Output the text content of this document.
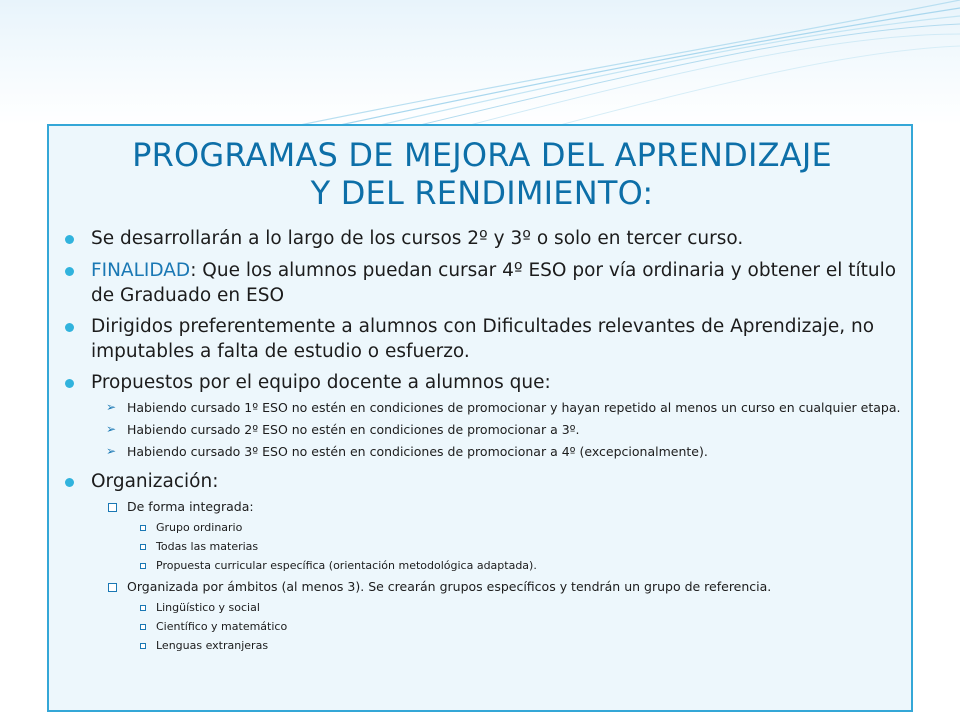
PROGRAMAS DE MEJORA DEL APRENDIZAJE
Y DEL RENDIMIENTO:
Se desarrollarán a lo largo de los cursos 2º y 3º o solo en tercer curso.
FINALIDAD: Que los alumnos puedan cursar 4º ESO por vía ordinaria y obtener el título de Graduado en ESO
Dirigidos preferentemente a alumnos con Dificultades relevantes de Aprendizaje, no imputables a falta de estudio o esfuerzo.
Propuestos por el equipo docente a alumnos que:
➢ Habiendo cursado 1º ESO no estén en condiciones de promocionar y hayan repetido al menos un curso en cualquier etapa.
➢ Habiendo cursado 2º ESO no estén en condiciones de promocionar a 3º.
➢ Habiendo cursado 3º ESO no estén en condiciones de promocionar a 4º (excepcionalmente).
Organización:
De forma integrada:
Grupo ordinario
Todas las materias
Propuesta curricular específica (orientación metodológica adaptada).
Organizada por ámbitos (al menos 3). Se crearán grupos específicos y tendrán un grupo de referencia.
Lingüístico y social
Científico y matemático
Lenguas extranjeras
